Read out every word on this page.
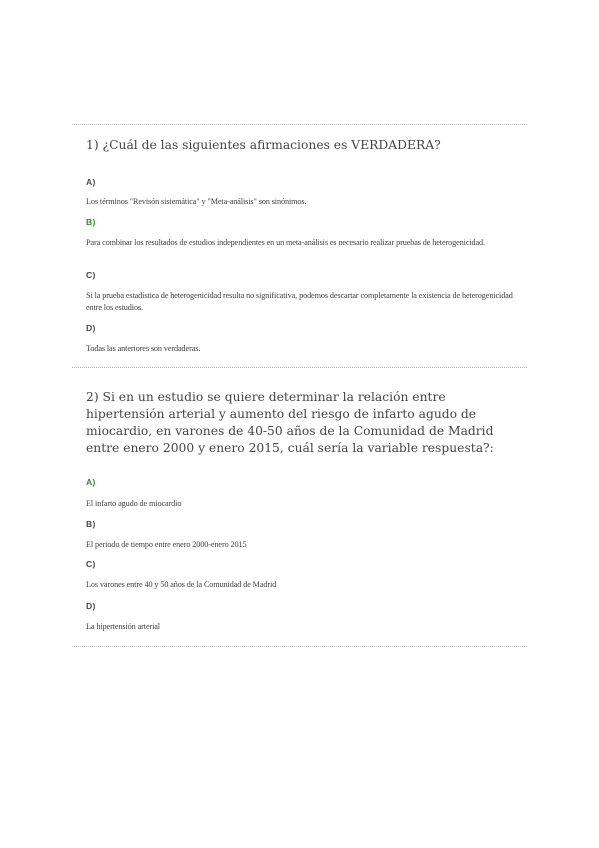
1) ¿Cuál de las siguientes afirmaciones es VERDADERA?
A)
Los términos "Revisón sistemática" y "Meta-análisis" son sinónimos.
B)
Para combinar los resultados de estudios independientes en un meta-análisis es necesario realizar pruebas de heterogenicidad.
C)
Si la prueba estadística de heterogenicidad resulta no significativa, podemos descartar completamente la existencia de heterogenicidad entre los estudios.
D)
Todas las anteriores son verdaderas.
2) Si en un estudio se quiere determinar la relación entre hipertensión arterial y aumento del riesgo de infarto agudo de miocardio, en varones de 40-50 años de la Comunidad de Madrid entre enero 2000 y enero 2015, cuál sería la variable respuesta?:
A)
El infarto agudo de miocardio
B)
El periodo de tiempo entre enero 2000-enero 2015
C)
Los varones entre 40 y 50 años de la Comunidad de Madrid
D)
La hipertensión arterial
